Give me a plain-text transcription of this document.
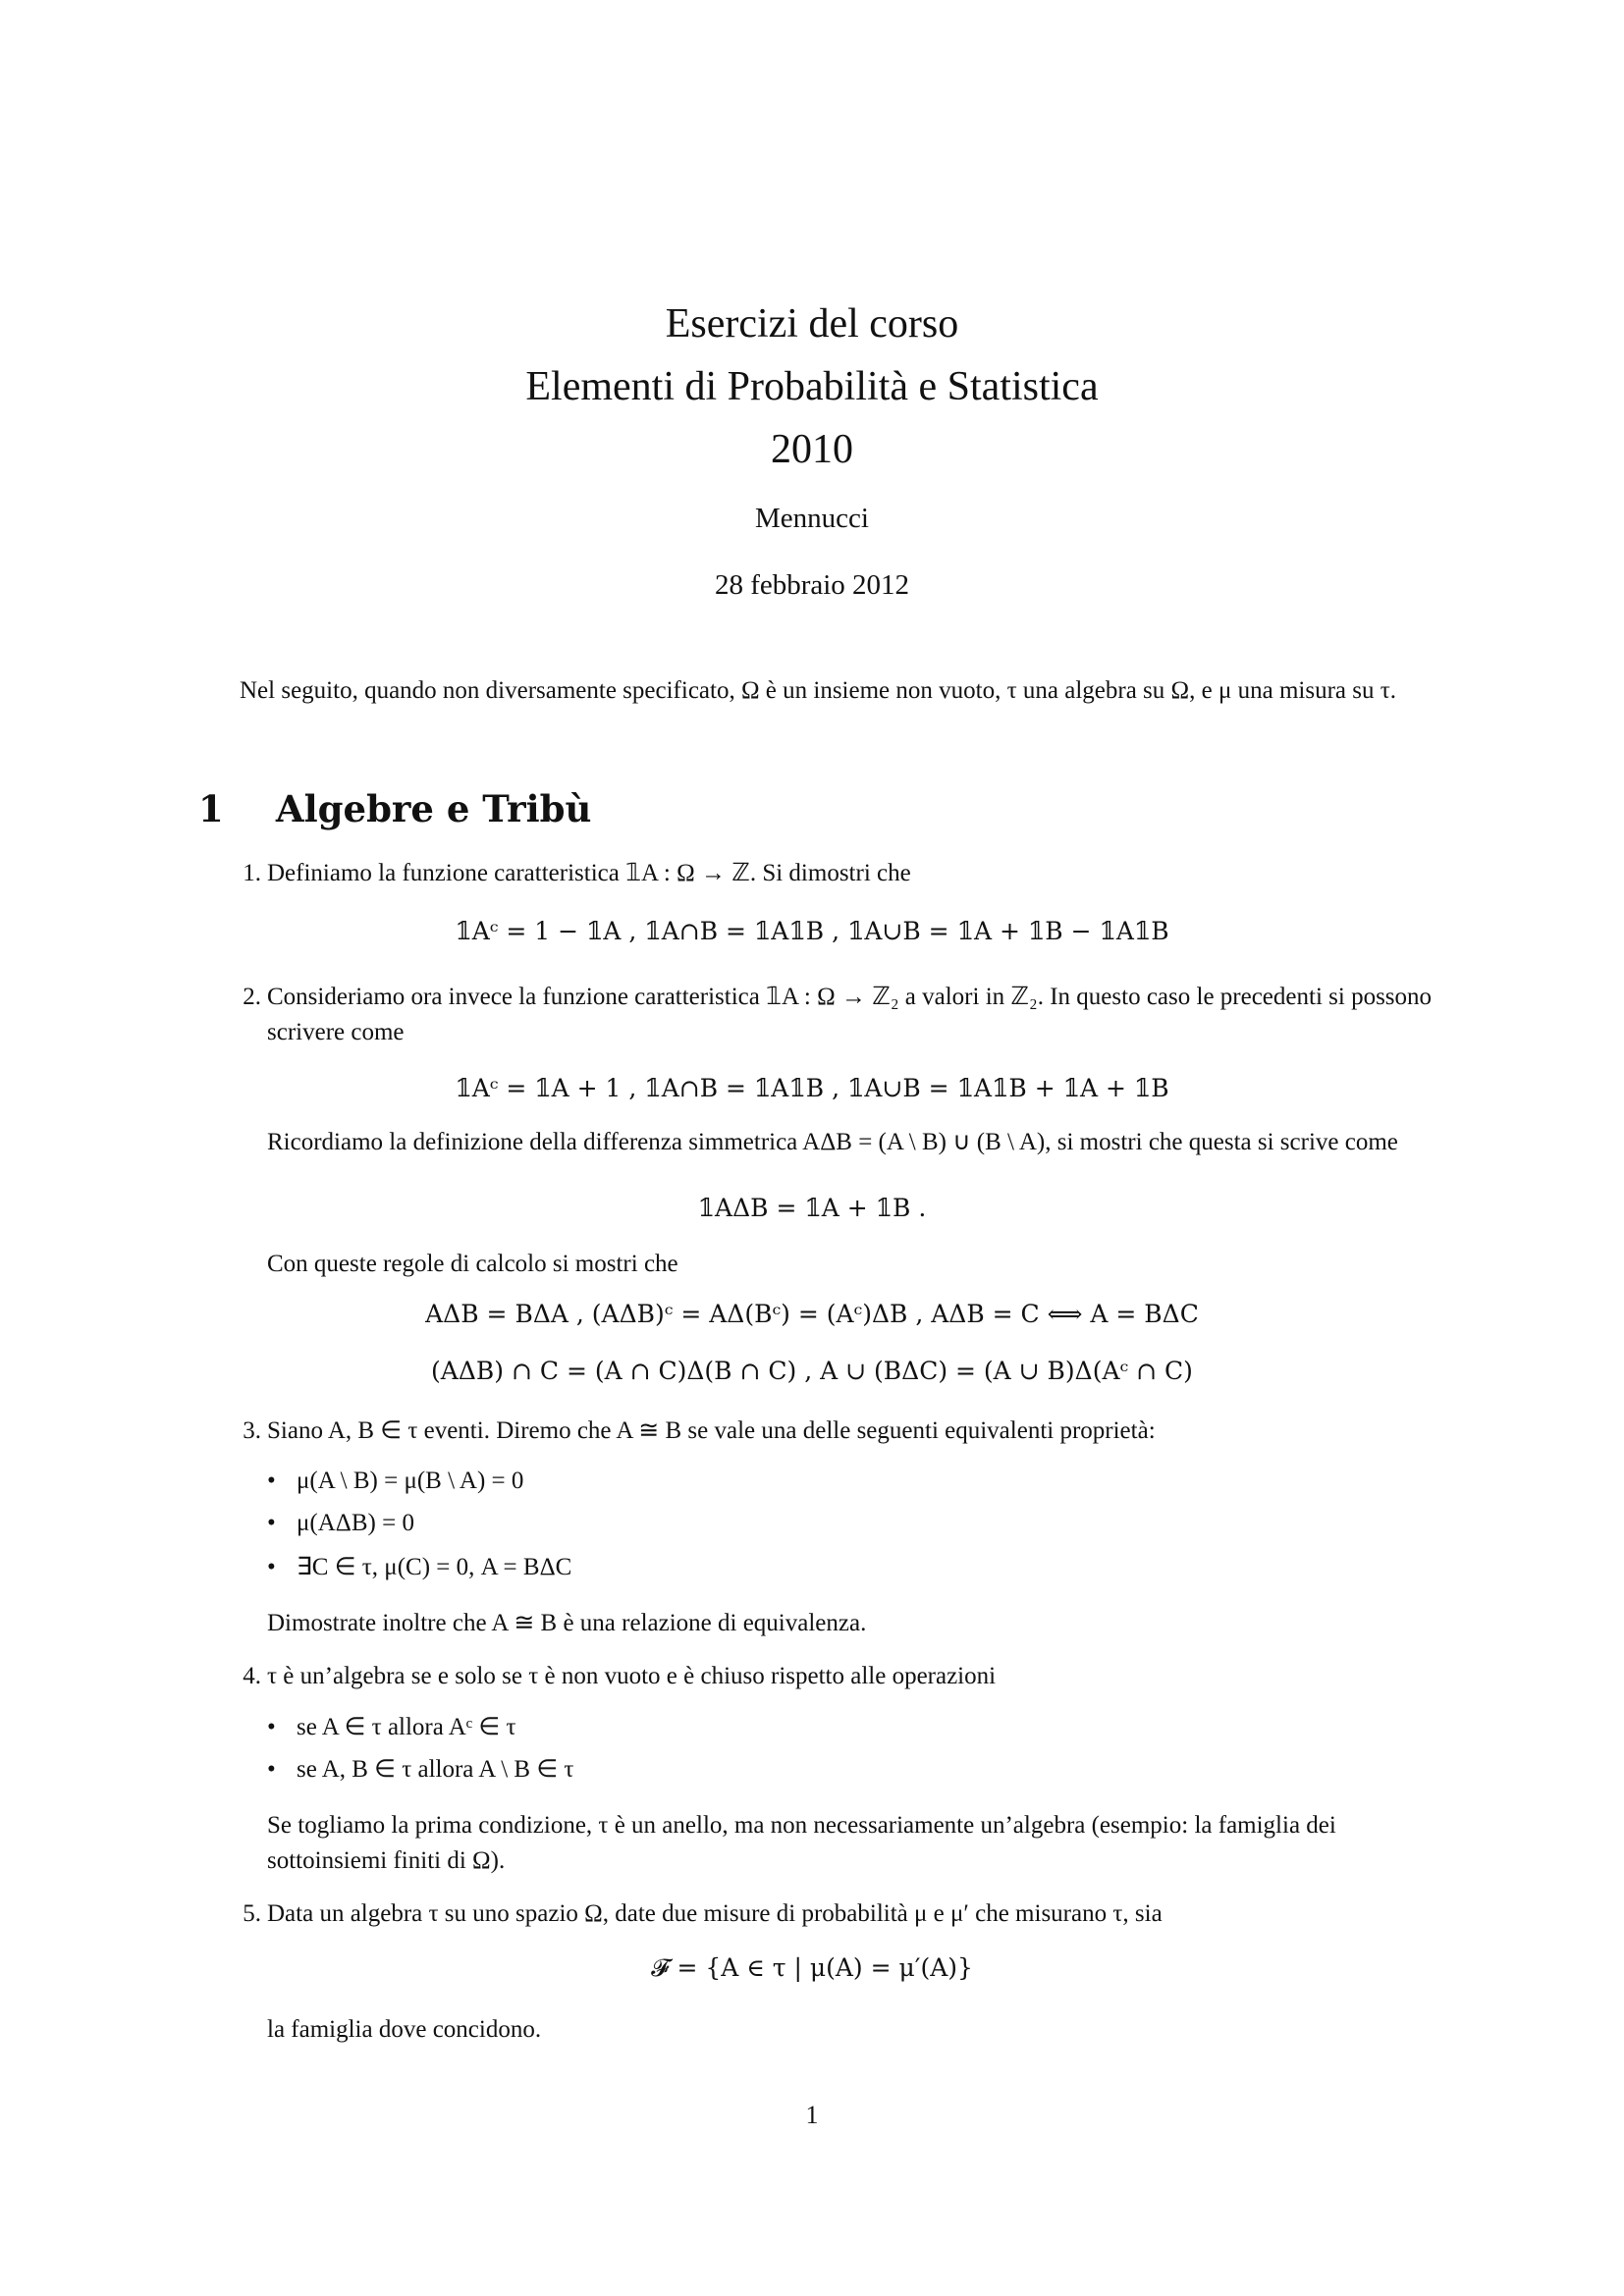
Esercizi del corso
Elementi di Probabilità e Statistica
2010
Mennucci
28 febbraio 2012
Nel seguito, quando non diversamente specificato, Ω è un insieme non vuoto, τ una algebra su Ω, e μ una misura su τ.
1 Algebre e Tribù
1. Definiamo la funzione caratteristica 𝟙A : Ω → ℤ. Si dimostri che
𝟙Aᶜ = 1 − 𝟙A , 𝟙A∩B = 𝟙A𝟙B , 𝟙A∪B = 𝟙A + 𝟙B − 𝟙A𝟙B
2. Consideriamo ora invece la funzione caratteristica 𝟙A : Ω → ℤ₂ a valori in ℤ₂. In questo caso le precedenti si possono scrivere come
𝟙Aᶜ = 𝟙A + 1 , 𝟙A∩B = 𝟙A𝟙B , 𝟙A∪B = 𝟙A𝟙B + 𝟙A + 𝟙B
Ricordiamo la definizione della differenza simmetrica AΔB = (A \ B) ∪ (B \ A), si mostri che questa si scrive come
𝟙AΔB = 𝟙A + 𝟙B .
Con queste regole di calcolo si mostri che
AΔB = BΔA , (AΔB)ᶜ = AΔ(Bᶜ) = (Aᶜ)ΔB , AΔB = C ⟺ A = BΔC
(AΔB) ∩ C = (A ∩ C)Δ(B ∩ C) , A ∪ (BΔC) = (A ∪ B)Δ(Aᶜ ∩ C)
3. Siano A, B ∈ τ eventi. Diremo che A ≅ B se vale una delle seguenti equivalenti proprietà:
• μ(A \ B) = μ(B \ A) = 0
• μ(AΔB) = 0
• ∃C ∈ τ, μ(C) = 0, A = BΔC
Dimostrate inoltre che A ≅ B è una relazione di equivalenza.
4. τ è un’algebra se e solo se τ è non vuoto e è chiuso rispetto alle operazioni
• se A ∈ τ allora Aᶜ ∈ τ
• se A, B ∈ τ allora A \ B ∈ τ
Se togliamo la prima condizione, τ è un anello, ma non necessariamente un’algebra (esempio: la famiglia dei sottoinsiemi finiti di Ω).
5. Data un algebra τ su uno spazio Ω, date due misure di probabilità μ e μ′ che misurano τ, sia
𝓕 = {A ∈ τ | μ(A) = μ′(A)}
la famiglia dove concidono.
1
